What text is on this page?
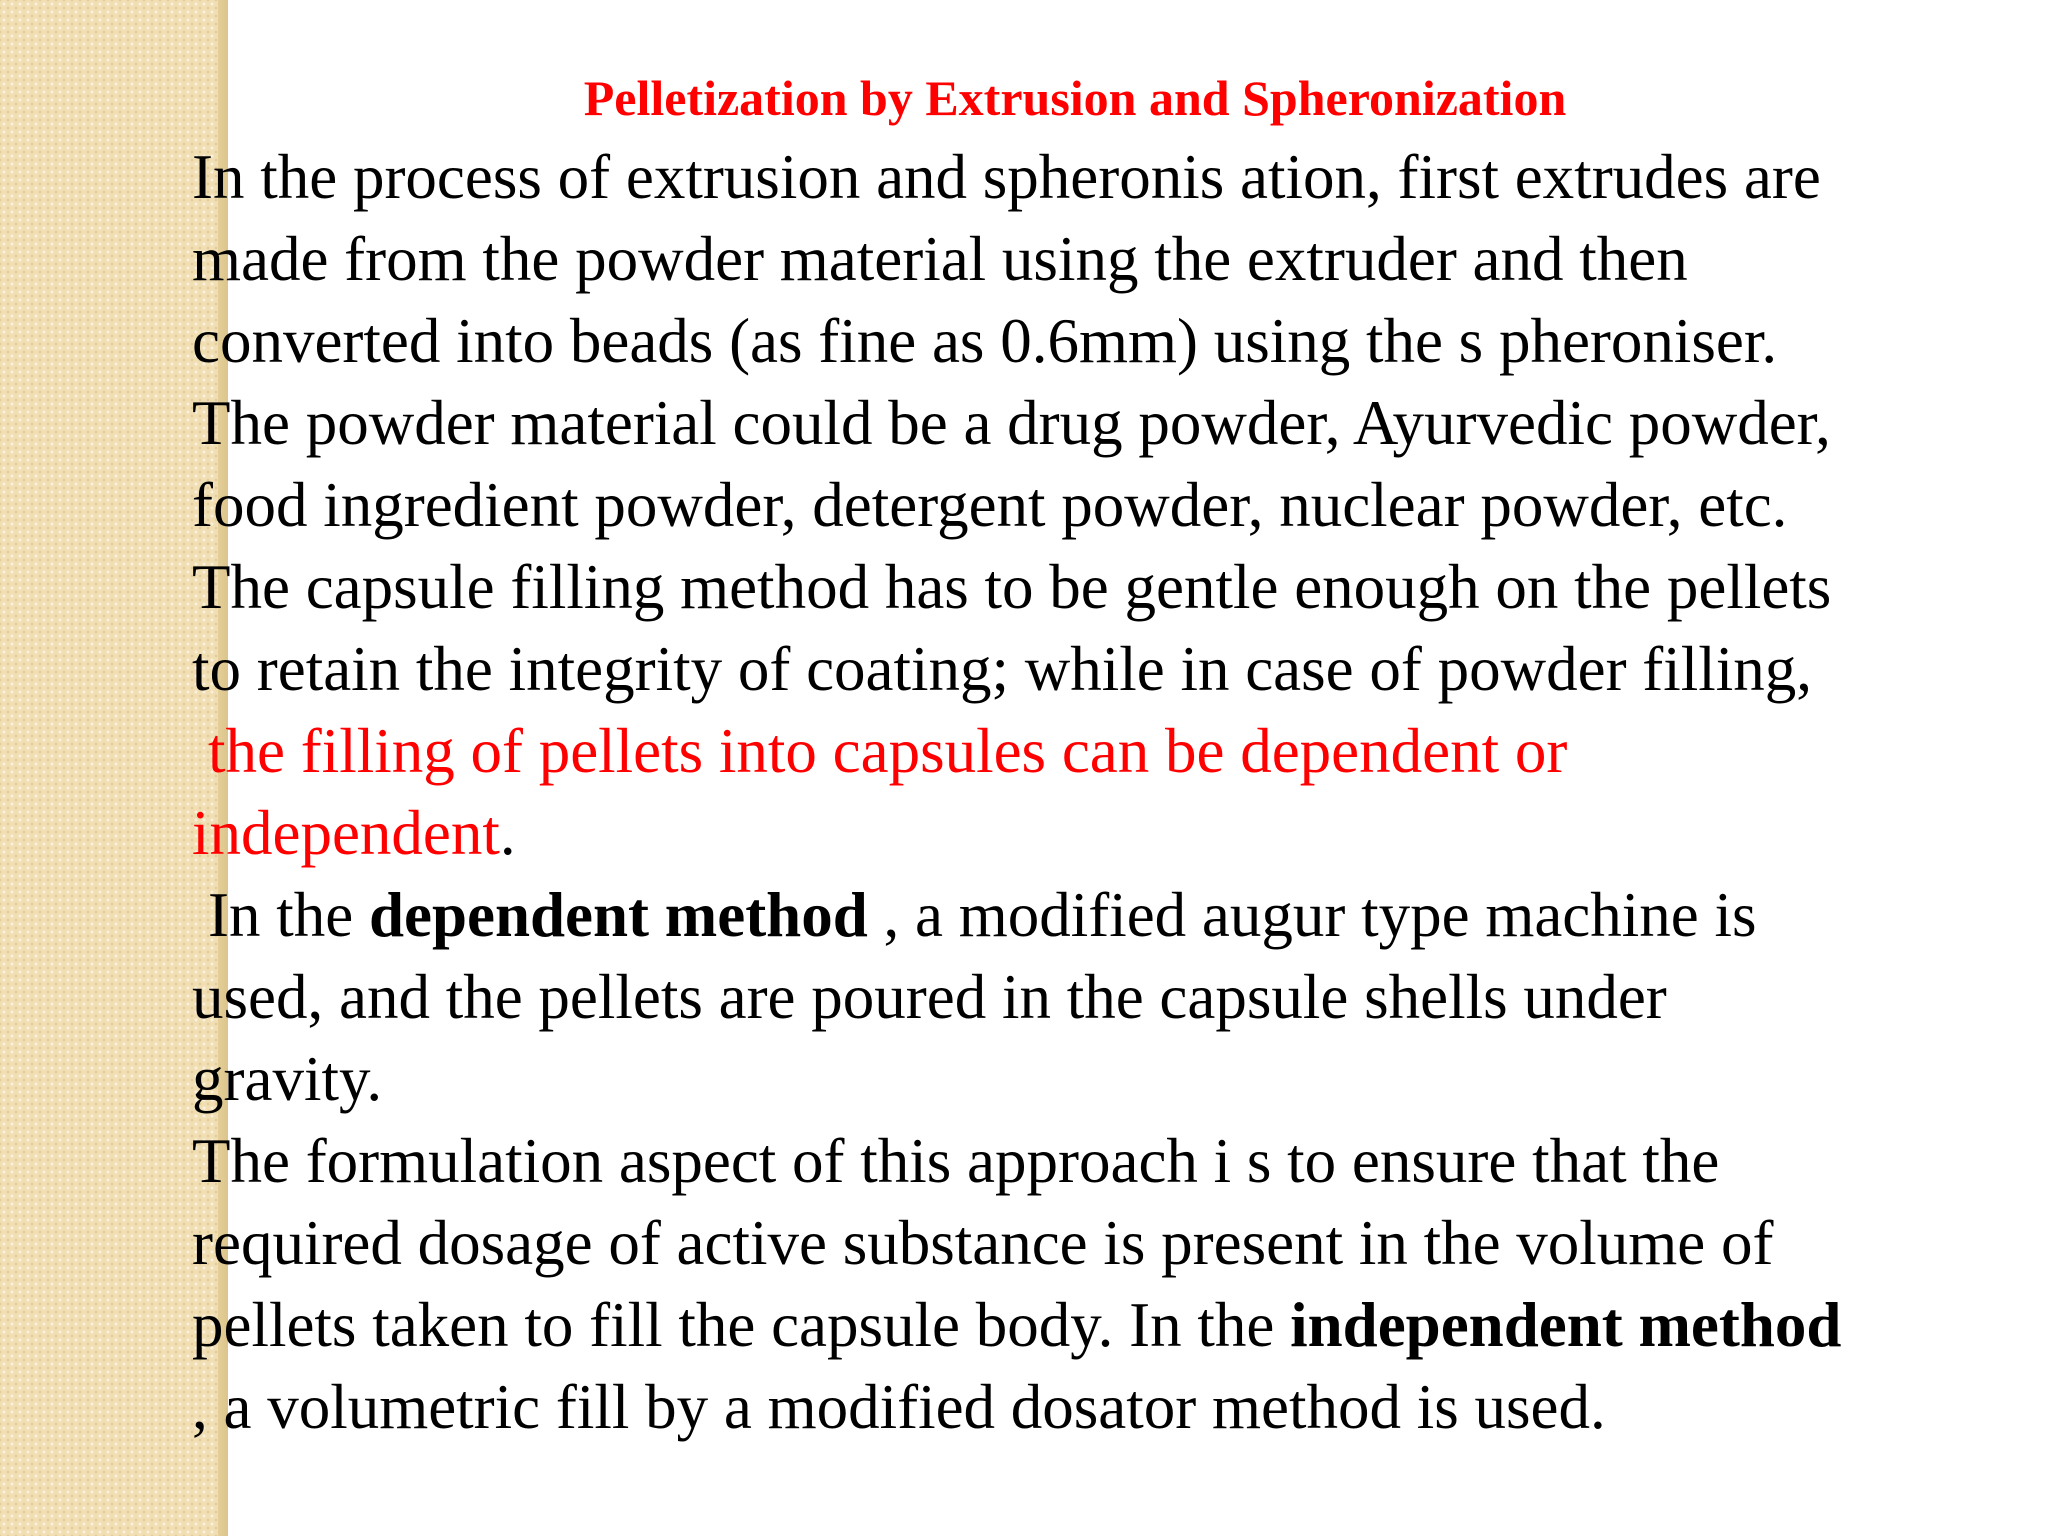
Pelletization by Extrusion and Spheronization
In the process of extrusion and spheronis ation, first extrudes are
made from the powder material using the extruder and then
converted into beads (as fine as 0.6mm) using the s pheroniser.
The powder material could be a drug powder, Ayurvedic powder,
food ingredient powder, detergent powder, nuclear powder, etc.
The capsule filling method has to be gentle enough on the pellets
to retain the integrity of coating; while in case of powder filling,
the filling of pellets into capsules can be dependent or
independent.
In the dependent method , a modified augur type machine is
used, and the pellets are poured in the capsule shells under
gravity.
The formulation aspect of this approach i s to ensure that the
required dosage of active substance is present in the volume of
pellets taken to fill the capsule body. In the independent method
, a volumetric fill by a modified dosator method is used.
